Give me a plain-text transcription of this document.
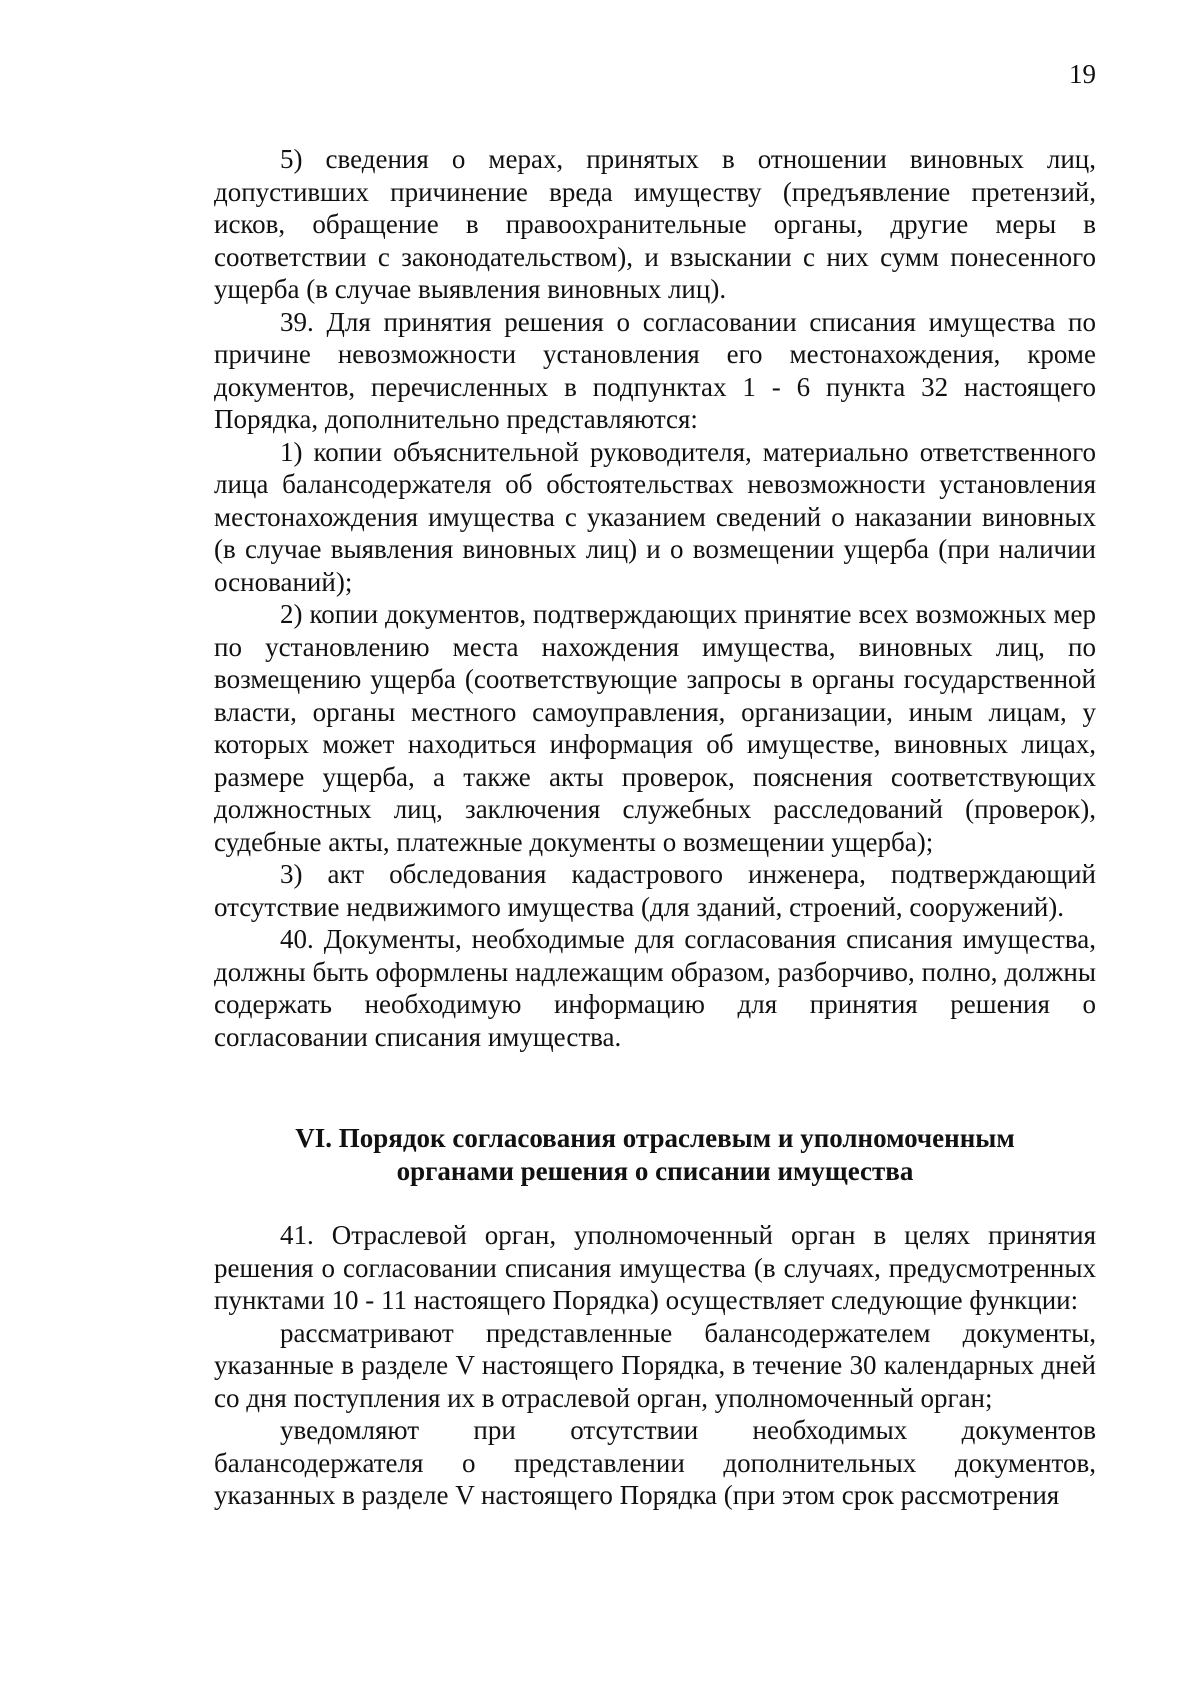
19

5) сведения о мерах, принятых в отношении виновных лиц, допустивших причинение вреда имуществу (предъявление претензий, исков, обращение в правоохранительные органы, другие меры в соответствии с законодательством), и взыскании с них сумм понесенного ущерба (в случае выявления виновных лиц).

39. Для принятия решения о согласовании списания имущества по причине невозможности установления его местонахождения, кроме документов, перечисленных в подпунктах 1 - 6 пункта 32 настоящего Порядка, дополнительно представляются:

1) копии объяснительной руководителя, материально ответственного лица балансодержателя об обстоятельствах невозможности установления местонахождения имущества с указанием сведений о наказании виновных (в случае выявления виновных лиц) и о возмещении ущерба (при наличии оснований);

2) копии документов, подтверждающих принятие всех возможных мер по установлению места нахождения имущества, виновных лиц, по возмещению ущерба (соответствующие запросы в органы государственной власти, органы местного самоуправления, организации, иным лицам, у которых может находиться информация об имуществе, виновных лицах, размере ущерба, а также акты проверок, пояснения соответствующих должностных лиц, заключения служебных расследований (проверок), судебные акты, платежные документы о возмещении ущерба);

3) акт обследования кадастрового инженера, подтверждающий отсутствие недвижимого имущества (для зданий, строений, сооружений).

40. Документы, необходимые для согласования списания имущества, должны быть оформлены надлежащим образом, разборчиво, полно, должны содержать необходимую информацию для принятия решения о согласовании списания имущества.

VI. Порядок согласования отраслевым и уполномоченным
органами решения о списании имущества

41. Отраслевой орган, уполномоченный орган в целях принятия решения о согласовании списания имущества (в случаях, предусмотренных пунктами 10 - 11 настоящего Порядка) осуществляет следующие функции:

рассматривают представленные балансодержателем документы, указанные в разделе V настоящего Порядка, в течение 30 календарных дней со дня поступления их в отраслевой орган, уполномоченный орган;

уведомляют при отсутствии необходимых документов балансодержателя о представлении дополнительных документов, указанных в разделе V настоящего Порядка (при этом срок рассмотрения
